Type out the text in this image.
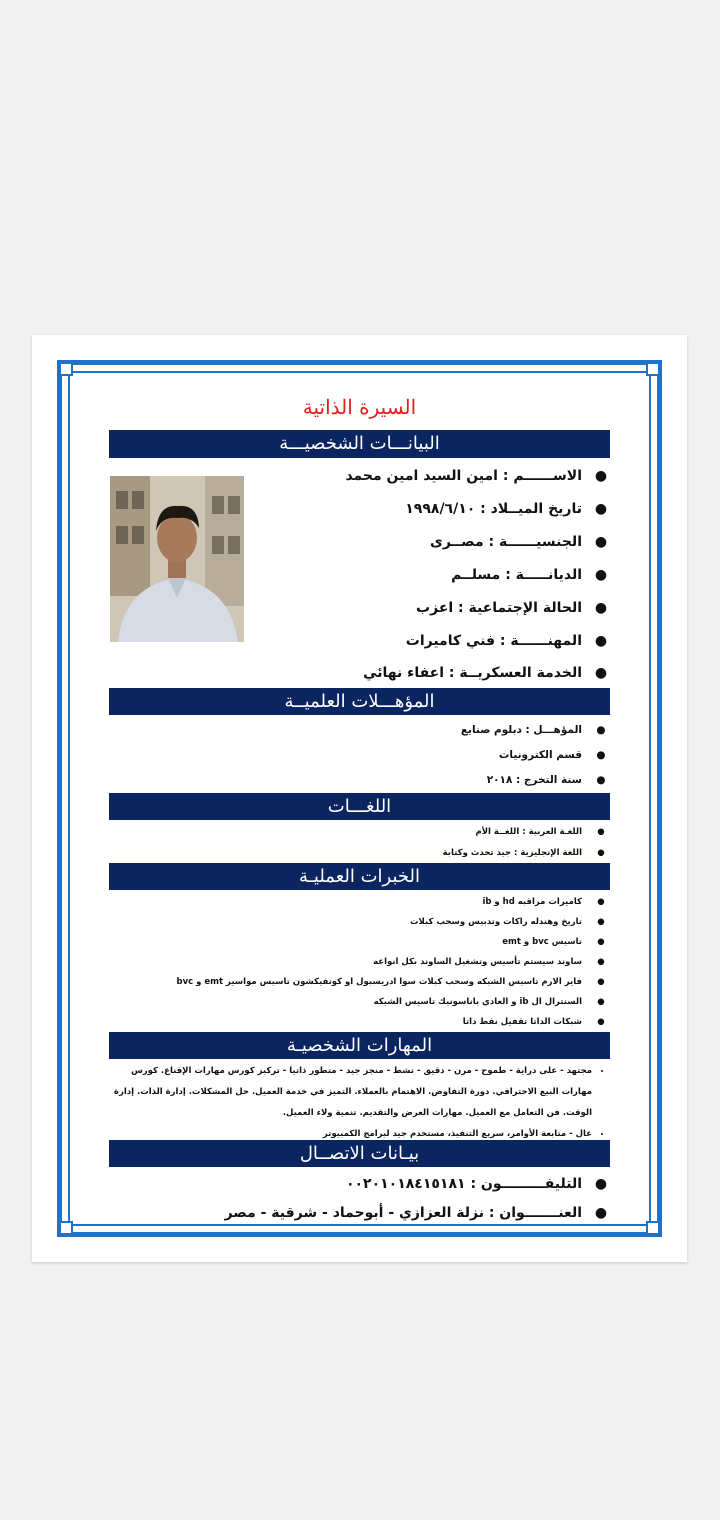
السيرة الذاتية
البيانـــات الشخصيـــة
●الاســــــم : امين السيد امين محمد
●تاريخ الميــلاد : ١٩٩٨/٦/١٠
●الجنسيــــــة : مصــرى
●الديانـــــة : مسلــم
●الحالة الإجتماعية : اعزب
●المهنــــــة : فني كاميرات
●الخدمة العسكريــة : اعفاء نهائي
المؤهـــلات العلميــة
●المؤهـــل : دبلوم صنايع
●قسم الكترونيات
●سنة التخرج : ٢٠١٨
اللغـــات
●اللغـة العربية : اللغــة الأم
●اللغة الإنجليزية : جيد تحدث وكتابة
الخبرات العمليـة
●كاميرات مراقبه hd و ib
●تاريخ وهندله راكات وتدبيس وسحب كبلات
●تاسيس bvc و emt
●ساوند سيستم تأسيس وتشغيل الساوند بكل انواعه
●فاير الارم تاسيس الشبكه وسحب كبلات سوا ادريسبول او كونفيكشون تاسيس مواسير emt و bvc
●السنترال ال ib و العادي باناسونيك تاسيس الشبكه
●شبكات الداتا تقفيل نقط داتا
المهارات الشخصيـة
• مجتهد - على دراية - طموح - مرن - دقيق - نشط - منجز جيد - متطور ذاتيا - تركيز كورس مهارات الإقناع. كورس مهارات البيع الاحترافي. دورة التفاوض. الاهتمام بالعملاء. التميز في خدمة العميل. حل المشكلات. إدارة الذات. إدارة الوقت. فن التعامل مع العميل. مهارات العرض والتقديم. تنمية ولاء العميل.
• عال - متابعة الأوامر، سريع التنفيذ، مستخدم جيد لبرامج الكمبيوتر
بيـانات الاتصــال
●التليفـــــــــون : ٠٠٢٠١٠١٨٤١٥١٨١
●العنـــــــوان : نزلة العزازي - أبوحماد - شرقية - مصر
